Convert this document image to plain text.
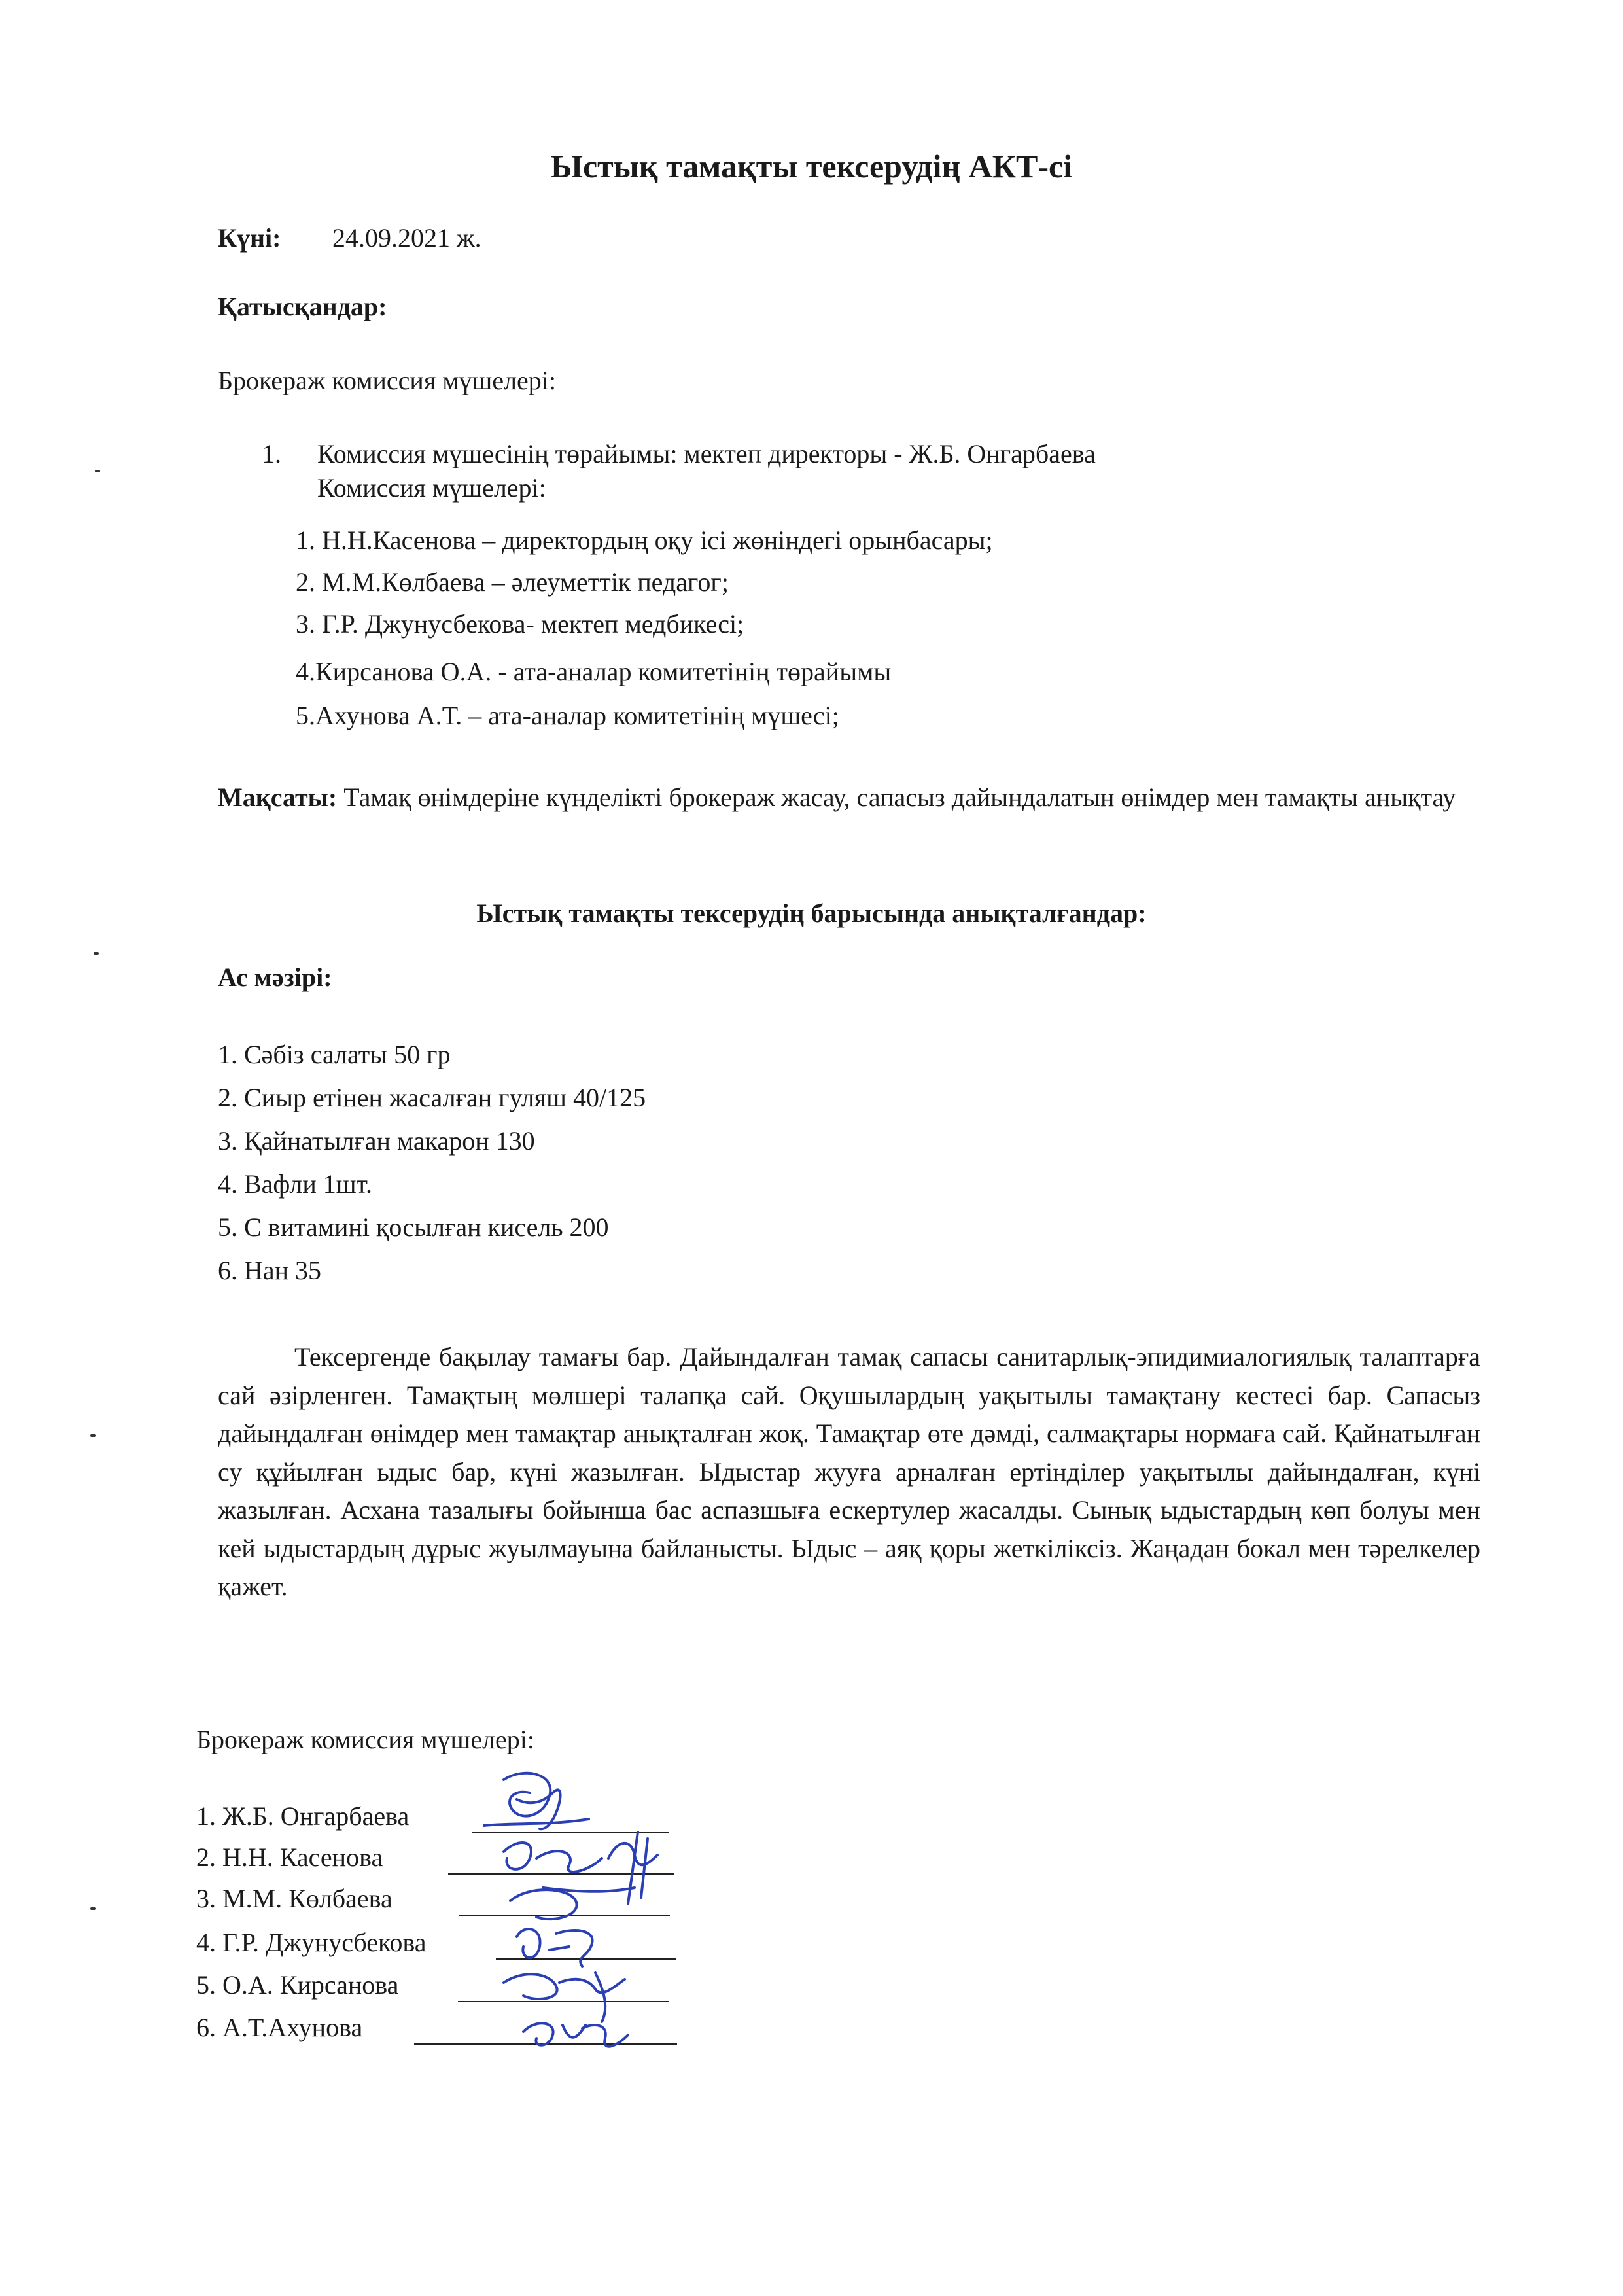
Ыстық тамақты тексерудің АКТ-сі
Күні: 24.09.2021 ж.
Қатысқандар:
Брокераж комиссия мүшелері:
1. Комиссия мүшесінің төрайымы: мектеп директоры - Ж.Б. Онгарбаева
Комиссия мүшелері:
1. Н.Н.Касенова – директордың оқу ісі жөніндегі орынбасары;
2. М.М.Көлбаева – әлеуметтік педагог;
3. Г.Р. Джунусбекова- мектеп медбикесі;
4.Кирсанова О.А. - ата-аналар комитетінің төрайымы
5.Ахунова А.Т. – ата-аналар комитетінің мүшесі;
Мақсаты: Тамақ өнімдеріне күнделікті брокераж жасау, сапасыз дайындалатын өнімдер мен тамақты анықтау
Ыстық тамақты тексерудің барысында анықталғандар:
Ас мәзірі:
1. Сәбіз салаты 50 гр
2. Сиыр етінен жасалған гуляш 40/125
3. Қайнатылған макарон 130
4. Вафли 1шт.
5. С витамині қосылған кисель 200
6. Нан 35
Тексергенде бақылау тамағы бар. Дайындалған тамақ сапасы санитарлық-эпидимиалогиялық талаптарға сай әзірленген. Тамақтың мөлшері талапқа сай. Оқушылардың уақытылы тамақтану кестесі бар. Сапасыз дайындалған өнімдер мен тамақтар анықталған жоқ. Тамақтар өте дәмді, салмақтары нормаға сай. Қайнатылған су құйылған ыдыс бар, күні жазылған. Ыдыстар жууға арналған ертінділер уақытылы дайындалған, күні жазылған. Асхана тазалығы бойынша бас аспазшыға ескертулер жасалды. Сынық ыдыстардың көп болуы мен кей ыдыстардың дұрыс жуылмауына байланысты. Ыдыс – аяқ қоры жеткіліксіз. Жаңадан бокал мен тәрелкелер қажет.
Брокераж комиссия мүшелері:
1. Ж.Б. Онгарбаева
2. Н.Н. Касенова
3. М.М. Көлбаева
4. Г.Р. Джунусбекова
5. О.А. Кирсанова
6. А.Т.Ахунова
